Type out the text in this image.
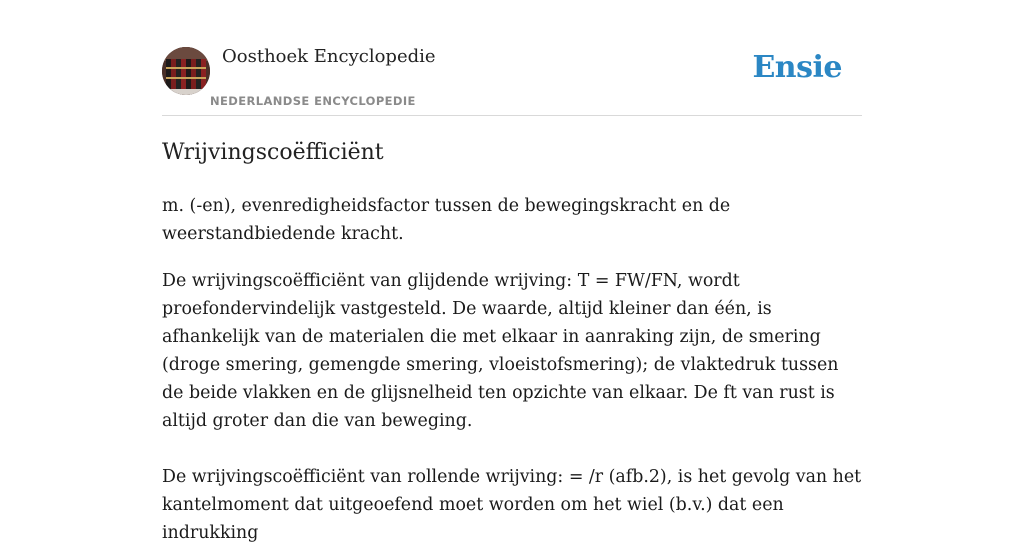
Oosthoek Encyclopedie
NEDERLANDSE ENCYCLOPEDIE
Ensie
Wrijvingscoëfficiënt

m. (-en), evenredigheidsfactor tussen de bewegingskracht en de weerstandbiedende kracht.

De wrijvingscoëfficiënt van glijdende wrijving: T = FW/FN, wordt proefondervindelijk vastgesteld. De waarde, altijd kleiner dan één, is afhankelijk van de materialen die met elkaar in aanraking zijn, de smering (droge smering, gemengde smering, vloeistofsmering); de vlaktedruk tussen de beide vlakken en de glijsnelheid ten opzichte van elkaar. De ft van rust is altijd groter dan die van beweging.

De wrijvingscoëfficiënt van rollende wrijving: = /r (afb.2), is het gevolg van het kantelmoment dat uitgeoefend moet worden om het wiel (b.v.) dat een indrukking
